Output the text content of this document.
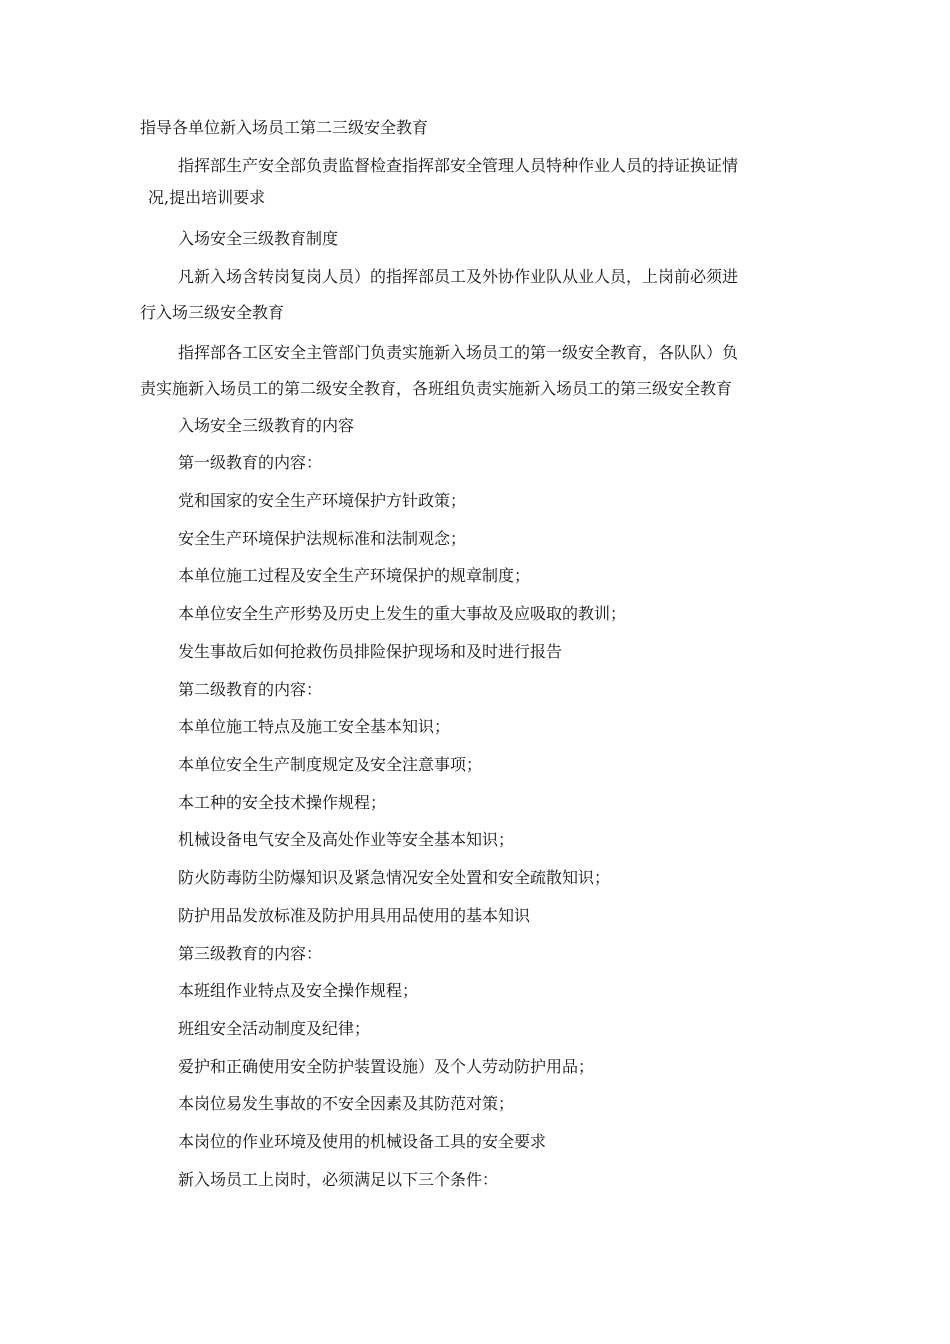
指导各单位新入场员工第二三级安全教育
指挥部生产安全部负责监督检查指挥部安全管理人员特种作业人员的持证换证情
况,提出培训要求
入场安全三级教育制度
凡新入场含转岗复岗人员）的指挥部员工及外协作业队从业人员，上岗前必须进
行入场三级安全教育
指挥部各工区安全主管部门负责实施新入场员工的第一级安全教育，各队队）负
责实施新入场员工的第二级安全教育，各班组负责实施新入场员工的第三级安全教育
入场安全三级教育的内容
第一级教育的内容：
党和国家的安全生产环境保护方针政策；
安全生产环境保护法规标准和法制观念；
本单位施工过程及安全生产环境保护的规章制度；
本单位安全生产形势及历史上发生的重大事故及应吸取的教训；
发生事故后如何抢救伤员排险保护现场和及时进行报告
第二级教育的内容：
本单位施工特点及施工安全基本知识；
本单位安全生产制度规定及安全注意事项；
本工种的安全技术操作规程；
机械设备电气安全及高处作业等安全基本知识；
防火防毒防尘防爆知识及紧急情况安全处置和安全疏散知识；
防护用品发放标准及防护用具用品使用的基本知识
第三级教育的内容：
本班组作业特点及安全操作规程；
班组安全活动制度及纪律；
爱护和正确使用安全防护装置设施）及个人劳动防护用品；
本岗位易发生事故的不安全因素及其防范对策；
本岗位的作业环境及使用的机械设备工具的安全要求
新入场员工上岗时，必须满足以下三个条件：
